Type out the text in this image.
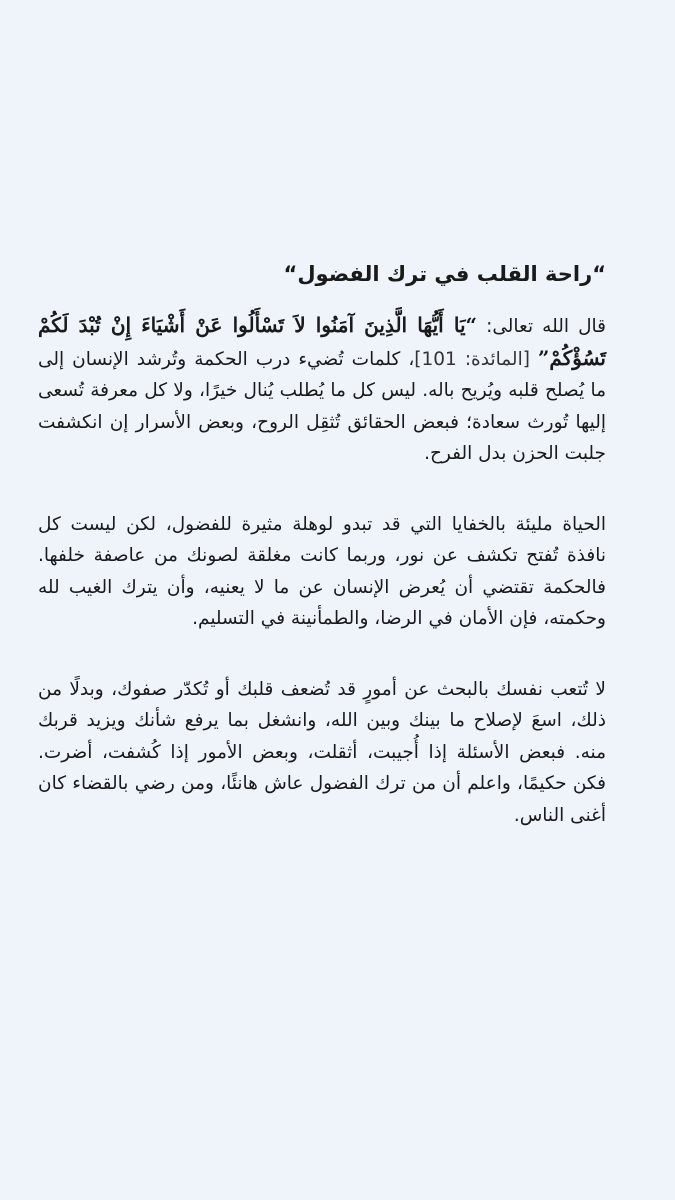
“راحة القلب في ترك الفضول“
قال الله تعالى: “يَا أَيُّهَا الَّذِينَ آمَنُوا لاَ تَسْأَلُوا عَنْ أَشْيَاءَ إِنْ تُبْدَ لَكُمْ تَسُؤْكُمْ” [المائدة: 101]، كلمات تُضيء درب الحكمة وتُرشد الإنسان إلى ما يُصلح قلبه ويُريح باله. ليس كل ما يُطلب يُنال خيرًا، ولا كل معرفة تُسعى إليها تُورث سعادة؛ فبعض الحقائق تُثقِل الروح، وبعض الأسرار إن انكشفت جلبت الحزن بدل الفرح.
الحياة مليئة بالخفايا التي قد تبدو لوهلة مثيرة للفضول، لكن ليست كل نافذة تُفتح تكشف عن نور، وربما كانت مغلقة لصونك من عاصفة خلفها. فالحكمة تقتضي أن يُعرض الإنسان عن ما لا يعنيه، وأن يترك الغيب لله وحكمته، فإن الأمان في الرضا، والطمأنينة في التسليم.
لا تُتعب نفسك بالبحث عن أمورٍ قد تُضعف قلبك أو تُكدّر صفوك، وبدلًا من ذلك، اسعَ لإصلاح ما بينك وبين الله، وانشغل بما يرفع شأنك ويزيد قربك منه. فبعض الأسئلة إذا أُجيبت، أثقلت، وبعض الأمور إذا كُشفت، أضرت. فكن حكيمًا، واعلم أن من ترك الفضول عاش هانئًا، ومن رضي بالقضاء كان أغنى الناس.
